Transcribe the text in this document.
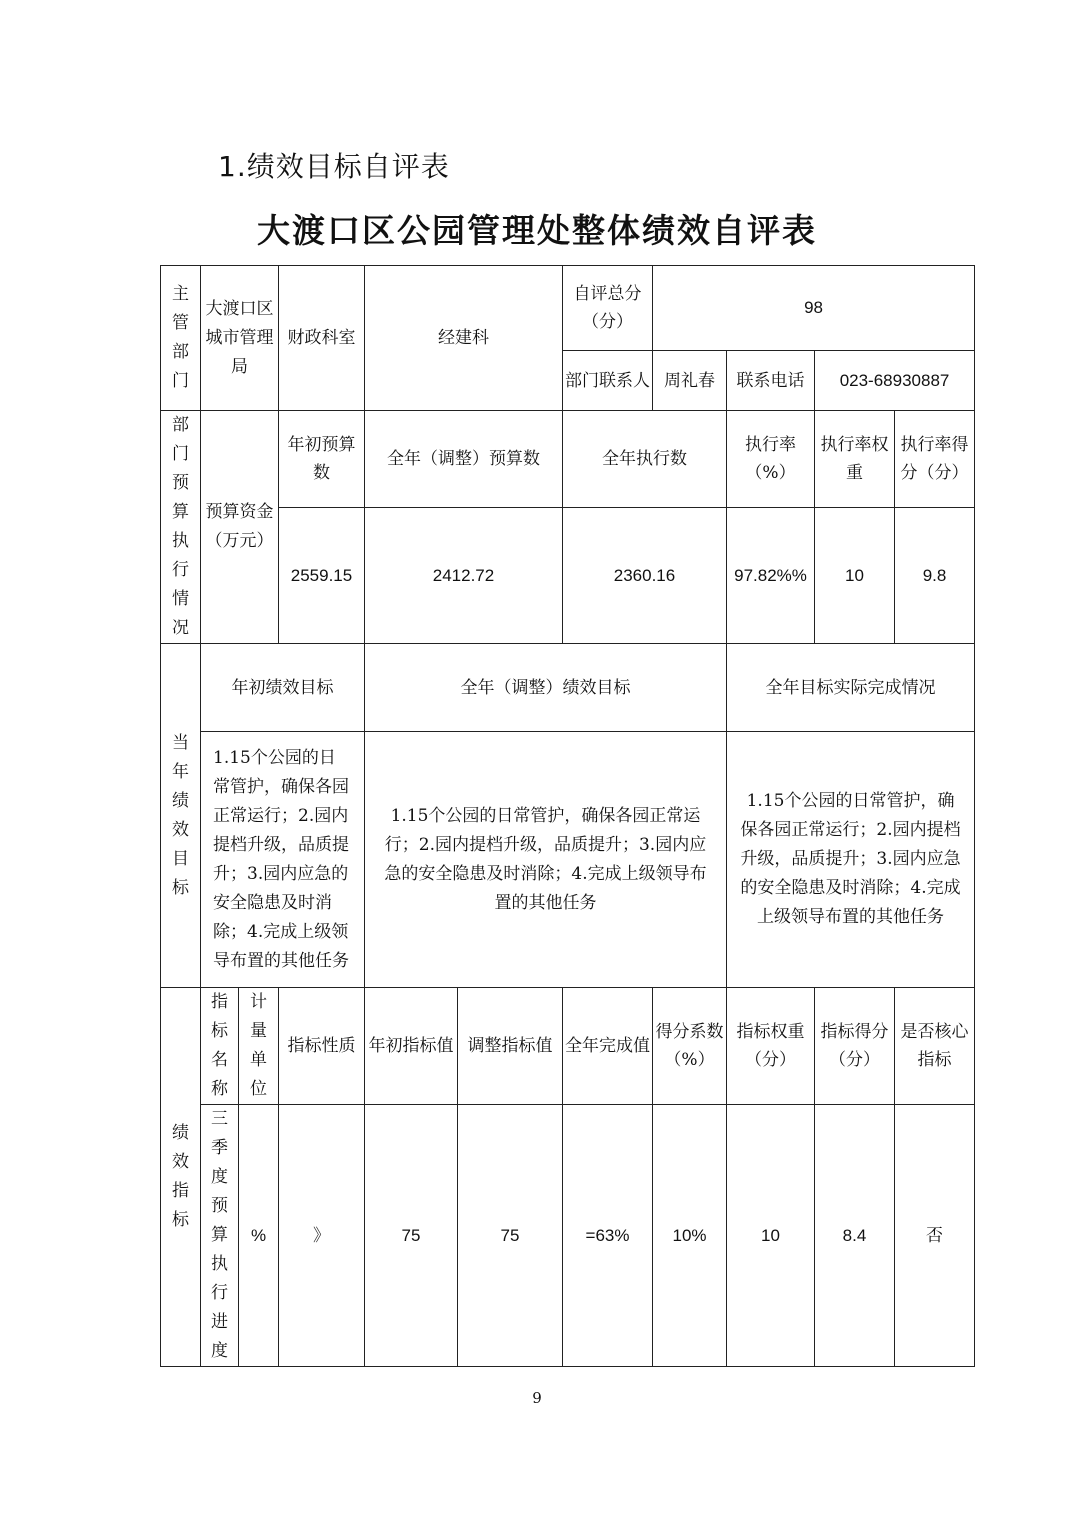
1.绩效目标自评表
大渡口区公园管理处整体绩效自评表
主管部门	大渡口区城市管理局		财政科室	经建科		自评总分（分）	98			
						部门联系人	周礼春	联系电话	023-68930887	
部门预算执行情况	预算资金（万元）		年初预算数	全年（调整）预算数		全年执行数		执行率（%）	执行率权重	执行率得分（分）
			2559.15	2412.72		2360.16		97.82%%	10	9.8
当年绩效目标	年初绩效目标			全年（调整）绩效目标				全年目标实际完成情况		
	1.15个公园的日常管护，确保各园正常运行；2.园内提档升级，品质提升；3.园内应急的安全隐患及时消除；4.完成上级领导布置的其他任务			1.15个公园的日常管护，确保各园正常运行；2.园内提档升级，品质提升；3.园内应急的安全隐患及时消除；4.完成上级领导布置的其他任务				1.15个公园的日常管护，确保各园正常运行；2.园内提档升级，品质提升；3.园内应急的安全隐患及时消除；4.完成上级领导布置的其他任务		
绩效指标	指标名称	计量单位	指标性质	年初指标值	调整指标值	全年完成值	得分系数（%）	指标权重（分）	指标得分（分）	是否核心指标
	三季度预算执行进度	%	》	75	75	=63%	10%	10	8.4	否
9
